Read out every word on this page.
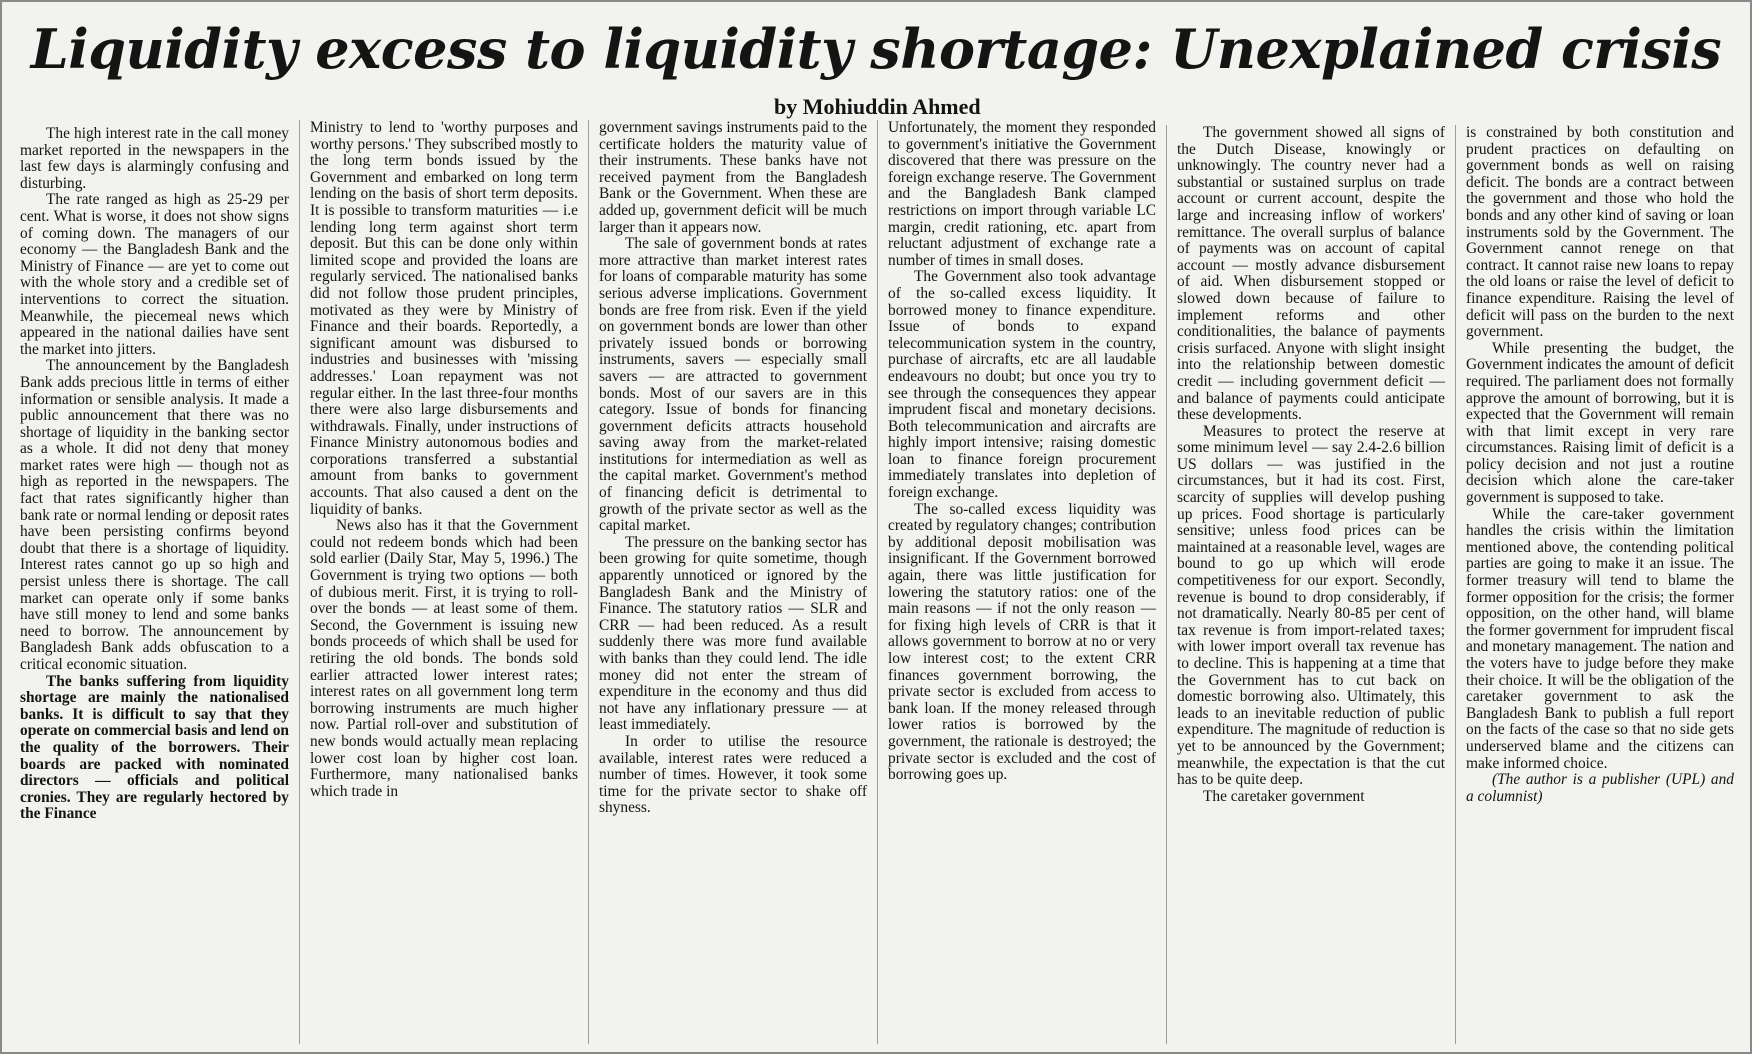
Liquidity excess to liquidity shortage: Unexplained crisis
by Mohiuddin Ahmed

The high interest rate in the call money market reported in the newspapers in the last few days is alarmingly confusing and disturbing.

The rate ranged as high as 25-29 per cent. What is worse, it does not show signs of coming down. The managers of our economy — the Bangladesh Bank and the Ministry of Finance — are yet to come out with the whole story and a credible set of interventions to correct the situation. Meanwhile, the piecemeal news which appeared in the national dailies have sent the market into jitters.

The announcement by the Bangladesh Bank adds precious little in terms of either information or sensible analysis. It made a public announcement that there was no shortage of liquidity in the banking sector as a whole. It did not deny that money market rates were high — though not as high as reported in the newspapers. The fact that rates significantly higher than bank rate or normal lending or deposit rates have been persisting confirms beyond doubt that there is a shortage of liquidity. Interest rates cannot go up so high and persist unless there is shortage. The call market can operate only if some banks have still money to lend and some banks need to borrow. The announcement by Bangladesh Bank adds obfuscation to a critical economic situation.

The banks suffering from liquidity shortage are mainly the nationalised banks. It is difficult to say that they operate on commercial basis and lend on the quality of the borrowers. Their boards are packed with nominated directors — officials and political cronies. They are regularly hectored by the Finance

Ministry to lend to 'worthy purposes and worthy persons.' They subscribed mostly to the long term bonds issued by the Government and embarked on long term lending on the basis of short term deposits. It is possible to transform maturities — i.e lending long term against short term deposit. But this can be done only within limited scope and provided the loans are regularly serviced. The nationalised banks did not follow those prudent principles, motivated as they were by Ministry of Finance and their boards. Reportedly, a significant amount was disbursed to industries and businesses with 'missing addresses.' Loan repayment was not regular either. In the last three-four months there were also large disbursements and withdrawals. Finally, under instructions of Finance Ministry autonomous bodies and corporations transferred a substantial amount from banks to government accounts. That also caused a dent on the liquidity of banks.

News also has it that the Government could not redeem bonds which had been sold earlier (Daily Star, May 5, 1996.) The Government is trying two options — both of dubious merit. First, it is trying to roll-over the bonds — at least some of them. Second, the Government is issuing new bonds proceeds of which shall be used for retiring the old bonds. The bonds sold earlier attracted lower interest rates; interest rates on all government long term borrowing instruments are much higher now. Partial roll-over and substitution of new bonds would actually mean replacing lower cost loan by higher cost loan. Furthermore, many nationalised banks which trade in

government savings instruments paid to the certificate holders the maturity value of their instruments. These banks have not received payment from the Bangladesh Bank or the Government. When these are added up, government deficit will be much larger than it appears now.

The sale of government bonds at rates more attractive than market interest rates for loans of comparable maturity has some serious adverse implications. Government bonds are free from risk. Even if the yield on government bonds are lower than other privately issued bonds or borrowing instruments, savers — especially small savers — are attracted to government bonds. Most of our savers are in this category. Issue of bonds for financing government deficits attracts household saving away from the market-related institutions for intermediation as well as the capital market. Government's method of financing deficit is detrimental to growth of the private sector as well as the capital market.

The pressure on the banking sector has been growing for quite sometime, though apparently unnoticed or ignored by the Bangladesh Bank and the Ministry of Finance. The statutory ratios — SLR and CRR — had been reduced. As a result suddenly there was more fund available with banks than they could lend. The idle money did not enter the stream of expenditure in the economy and thus did not have any inflationary pressure — at least immediately.

In order to utilise the resource available, interest rates were reduced a number of times. However, it took some time for the private sector to shake off shyness.

Unfortunately, the moment they responded to government's initiative the Government discovered that there was pressure on the foreign exchange reserve. The Government and the Bangladesh Bank clamped restrictions on import through variable LC margin, credit rationing, etc. apart from reluctant adjustment of exchange rate a number of times in small doses.

The Government also took advantage of the so-called excess liquidity. It borrowed money to finance expenditure. Issue of bonds to expand telecommunication system in the country, purchase of aircrafts, etc are all laudable endeavours no doubt; but once you try to see through the consequences they appear imprudent fiscal and monetary decisions. Both telecommunication and aircrafts are highly import intensive; raising domestic loan to finance foreign procurement immediately translates into depletion of foreign exchange.

The so-called excess liquidity was created by regulatory changes; contribution by additional deposit mobilisation was insignificant. If the Government borrowed again, there was little justification for lowering the statutory ratios: one of the main reasons — if not the only reason — for fixing high levels of CRR is that it allows government to borrow at no or very low interest cost; to the extent CRR finances government borrowing, the private sector is excluded from access to bank loan. If the money released through lower ratios is borrowed by the government, the rationale is destroyed; the private sector is excluded and the cost of borrowing goes up.

The government showed all signs of the Dutch Disease, knowingly or unknowingly. The country never had a substantial or sustained surplus on trade account or current account, despite the large and increasing inflow of workers' remittance. The overall surplus of balance of payments was on account of capital account — mostly advance disbursement of aid. When disbursement stopped or slowed down because of failure to implement reforms and other conditionalities, the balance of payments crisis surfaced. Anyone with slight insight into the relationship between domestic credit — including government deficit — and balance of payments could anticipate these developments.

Measures to protect the reserve at some minimum level — say 2.4-2.6 billion US dollars — was justified in the circumstances, but it had its cost. First, scarcity of supplies will develop pushing up prices. Food shortage is particularly sensitive; unless food prices can be maintained at a reasonable level, wages are bound to go up which will erode competitiveness for our export. Secondly, revenue is bound to drop considerably, if not dramatically. Nearly 80-85 per cent of tax revenue is from import-related taxes; with lower import overall tax revenue has to decline. This is happening at a time that the Government has to cut back on domestic borrowing also. Ultimately, this leads to an inevitable reduction of public expenditure. The magnitude of reduction is yet to be announced by the Government; meanwhile, the expectation is that the cut has to be quite deep.

The caretaker government

is constrained by both constitution and prudent practices on defaulting on government bonds as well on raising deficit. The bonds are a contract between the government and those who hold the bonds and any other kind of saving or loan instruments sold by the Government. The Government cannot renege on that contract. It cannot raise new loans to repay the old loans or raise the level of deficit to finance expenditure. Raising the level of deficit will pass on the burden to the next government.

While presenting the budget, the Government indicates the amount of deficit required. The parliament does not formally approve the amount of borrowing, but it is expected that the Government will remain with that limit except in very rare circumstances. Raising limit of deficit is a policy decision and not just a routine decision which alone the care-taker government is supposed to take.

While the care-taker government handles the crisis within the limitation mentioned above, the contending political parties are going to make it an issue. The former treasury will tend to blame the former opposition for the crisis; the former opposition, on the other hand, will blame the former government for imprudent fiscal and monetary management. The nation and the voters have to judge before they make their choice. It will be the obligation of the caretaker government to ask the Bangladesh Bank to publish a full report on the facts of the case so that no side gets underserved blame and the citizens can make informed choice.

(The author is a publisher (UPL) and a columnist)
